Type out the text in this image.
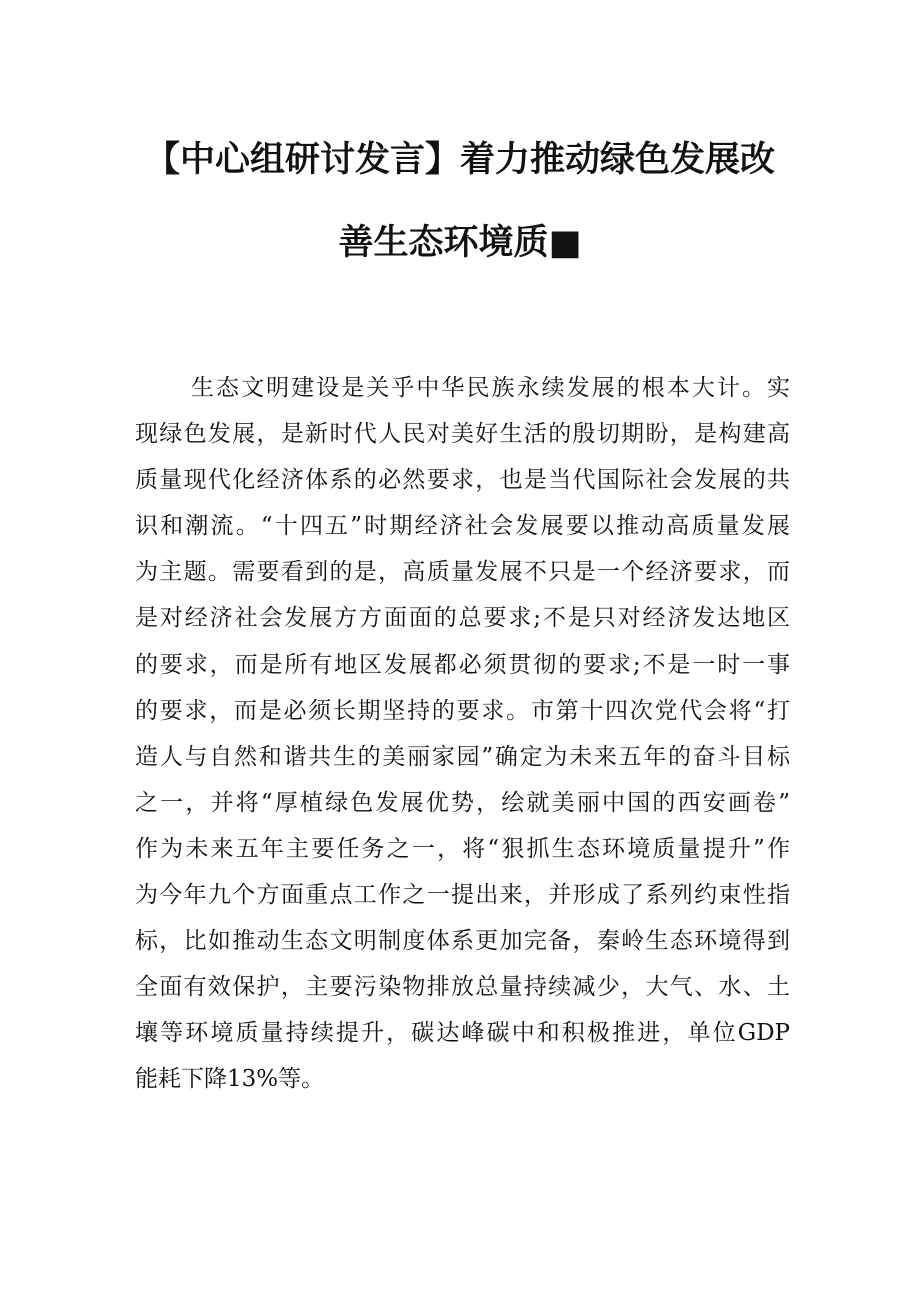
【中心组研讨发言】着力推动绿色发展改
善生态环境质■
生态文明建设是关乎中华民族永续发展的根本大计。实
现绿色发展，是新时代人民对美好生活的殷切期盼，是构建高
质量现代化经济体系的必然要求，也是当代国际社会发展的共
识和潮流。“十四五”时期经济社会发展要以推动高质量发展
为主题。需要看到的是，高质量发展不只是一个经济要求，而
是对经济社会发展方方面面的总要求;不是只对经济发达地区
的要求，而是所有地区发展都必须贯彻的要求;不是一时一事
的要求，而是必须长期坚持的要求。市第十四次党代会将“打
造人与自然和谐共生的美丽家园”确定为未来五年的奋斗目标
之一，并将“厚植绿色发展优势，绘就美丽中国的西安画卷”
作为未来五年主要任务之一，将“狠抓生态环境质量提升”作
为今年九个方面重点工作之一提出来，并形成了系列约束性指
标，比如推动生态文明制度体系更加完备，秦岭生态环境得到
全面有效保护，主要污染物排放总量持续减少，大气、水、土
壤等环境质量持续提升，碳达峰碳中和积极推进，单位GDP
能耗下降13%等。
